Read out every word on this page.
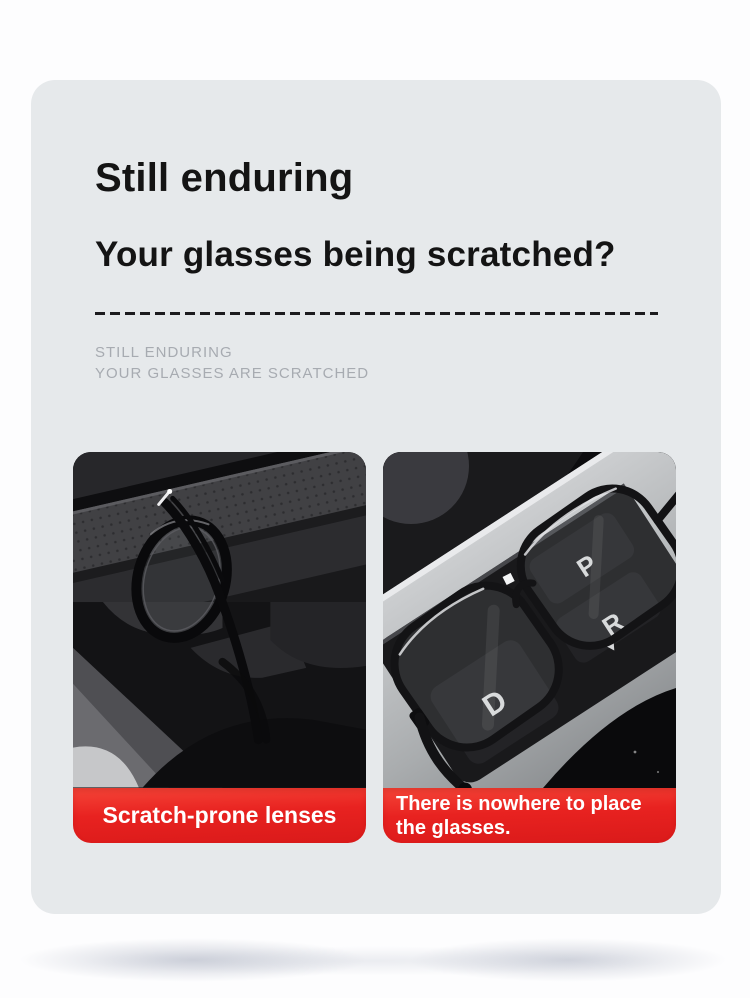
Still enduring
Your glasses being scratched?
STILL ENDURING
YOUR GLASSES ARE SCRATCHED
Scratch-prone lenses	There is nowhere to place the glasses.
